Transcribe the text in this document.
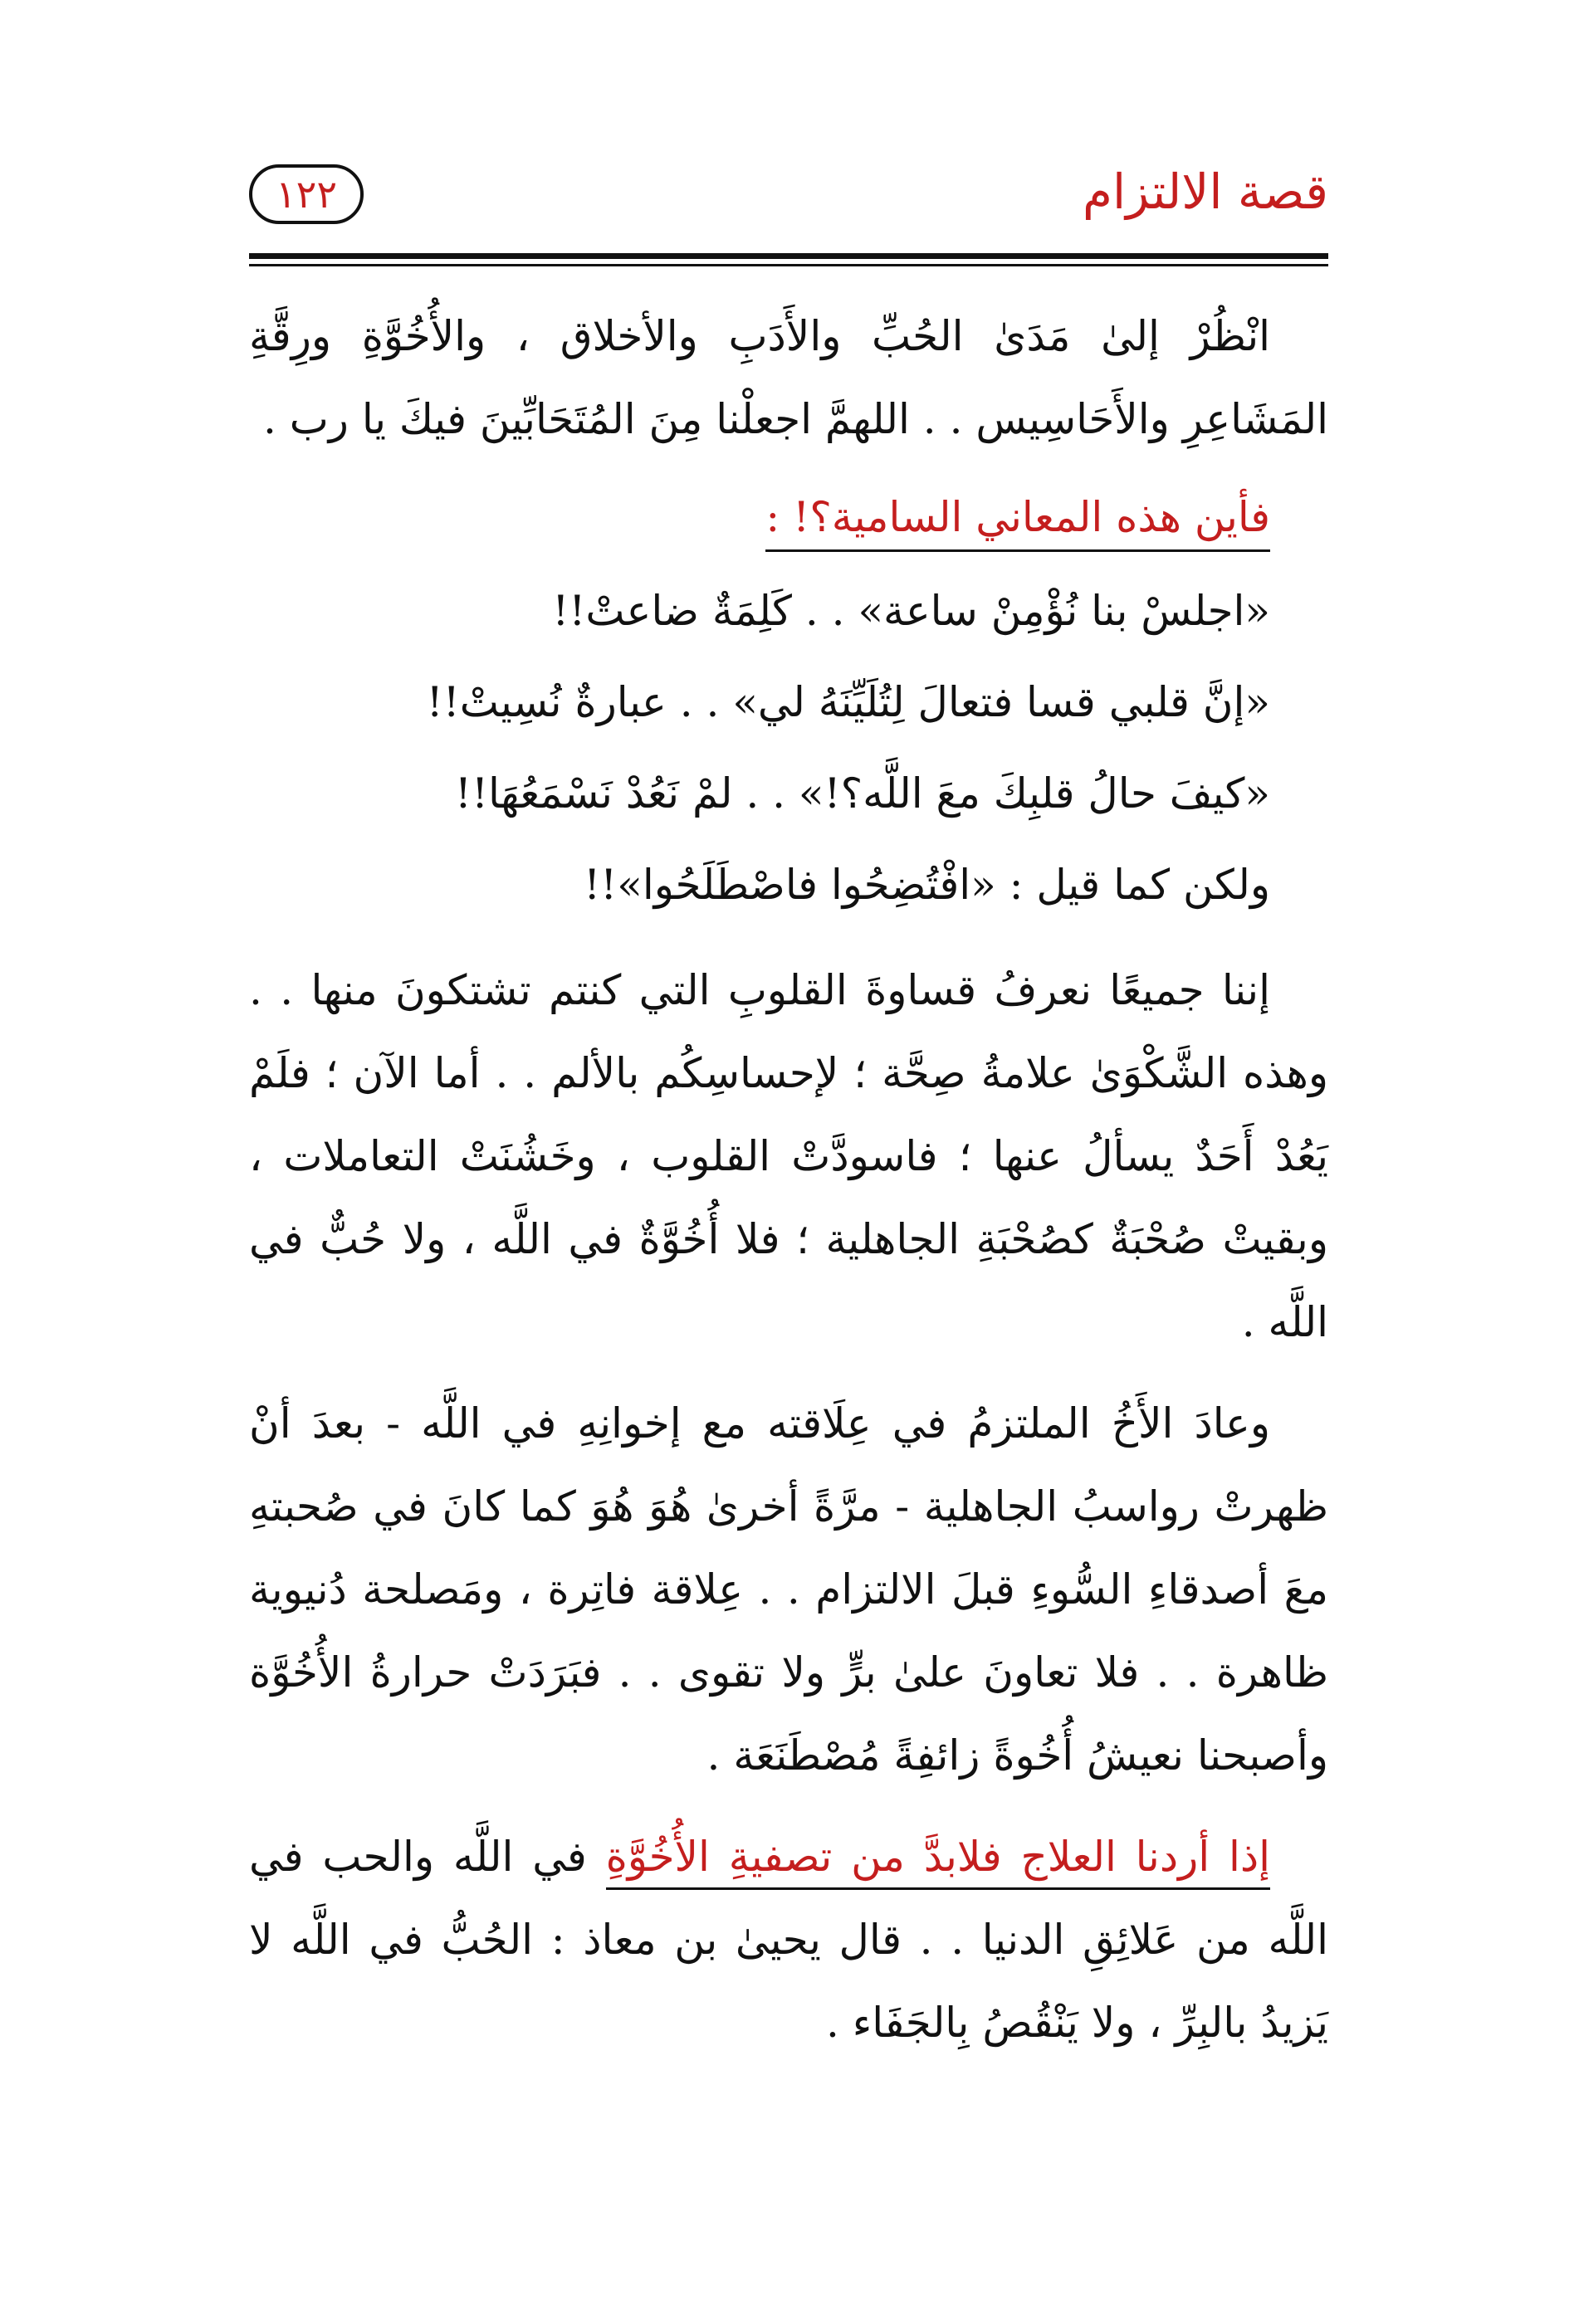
قصة الالتزام
١٢٢

انْظُرْ إلىٰ مَدَىٰ الحُبِّ والأَدَبِ والأخلاق ، والأُخُوَّةِ ورِقَّةِ المَشَاعِرِ والأَحَاسِيس . . اللهمَّ اجعلْنا مِنَ المُتَحَابِّينَ فيكَ يا رب .

فأين هذه المعاني السامية؟! :

«اجلسْ بنا نُؤْمِنْ ساعة» . . كَلِمَةٌ ضاعتْ!!

«إنَّ قلبي قسا فتعالَ لِتُلَيِّنَهُ لي» . . عبارةٌ نُسِيتْ!!

«كيفَ حالُ قلبِكَ معَ اللَّه؟!» . . لمْ نَعُدْ نَسْمَعُهَا!!

ولكن كما قيل : «افْتُضِحُوا فاصْطَلَحُوا»!!

إننا جميعًا نعرفُ قساوةَ القلوبِ التي كنتم تشتكونَ منها . . وهذه الشَّكْوَىٰ علامةُ صِحَّة ؛ لإحساسِكُم بالألم . . أما الآن ؛ فلَمْ يَعُدْ أَحَدٌ يسألُ عنها ؛ فاسودَّتْ القلوب ، وخَشُنَتْ التعاملات ، وبقيتْ صُحْبَةٌ كصُحْبَةِ الجاهلية ؛ فلا أُخُوَّةٌ في اللَّه ، ولا حُبٌّ في اللَّه .

وعادَ الأَخُ الملتزمُ في عِلَاقته مع إخوانِهِ في اللَّه - بعدَ أنْ ظهرتْ رواسبُ الجاهلية - مرَّةً أخرىٰ هُوَ هُوَ كما كانَ في صُحبتهِ معَ أصدقاءِ السُّوءِ قبلَ الالتزام . . عِلاقة فاتِرة ، ومَصلحة دُنيوية ظاهرة . . فلا تعاونَ علىٰ برٍّ ولا تقوى . . فبَرَدَتْ حرارةُ الأُخُوَّة وأصبحنا نعيشُ أُخُوةً زائفِةً مُصْطَنَعَة .

إذا أردنا العلاج فلابدَّ من تصفيةِ الأُخُوَّةِ في اللَّه والحب في اللَّه من عَلائِقِ الدنيا . . قال يحيىٰ بن معاذ : الحُبُّ في اللَّه لا يَزيدُ بالبِرِّ ، ولا يَنْقُصُ بِالجَفَاء .
